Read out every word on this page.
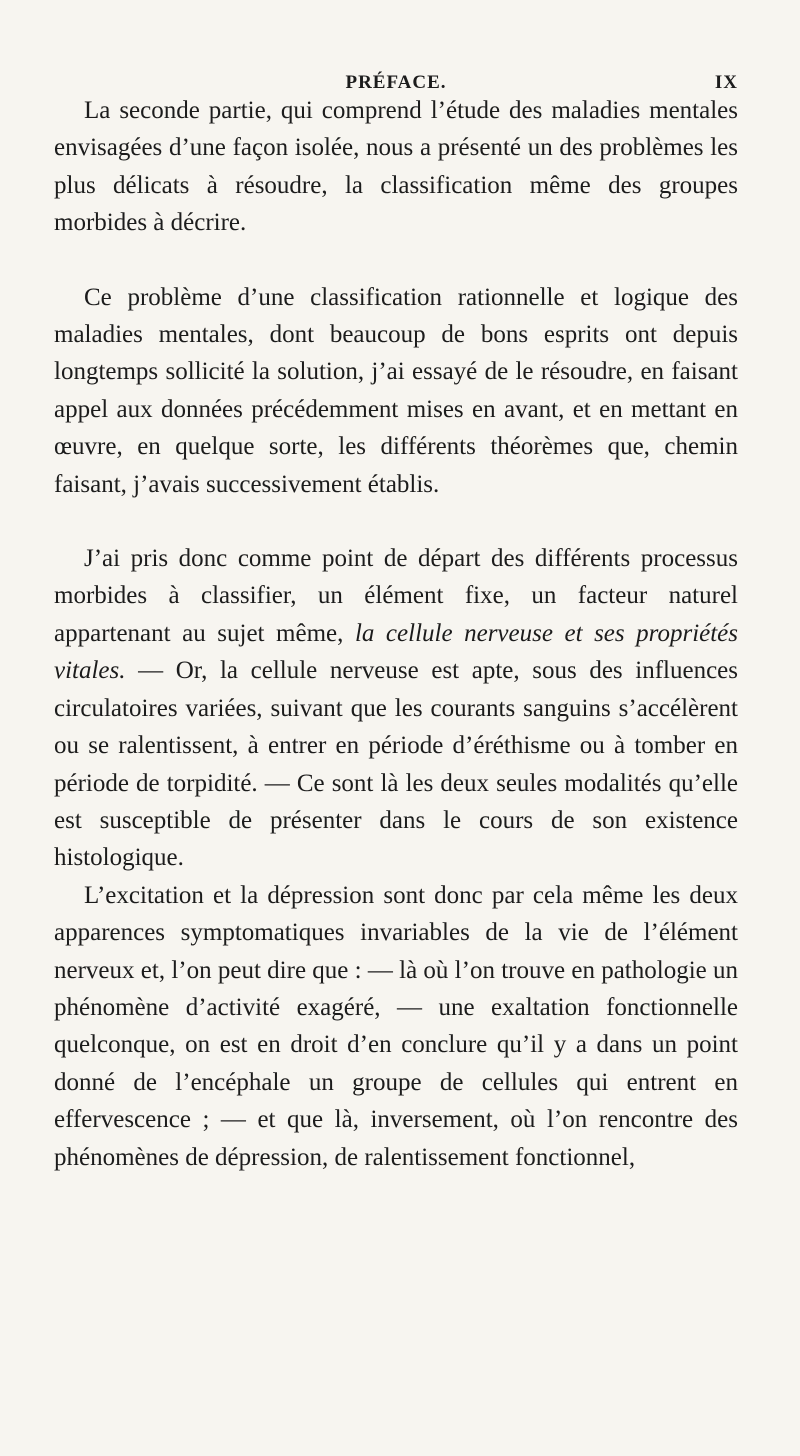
PRÉFACE.	IX

La seconde partie, qui comprend l’étude des maladies mentales envisagées d’une façon isolée, nous a présenté un des problèmes les plus délicats à résoudre, la classification même des groupes morbides à décrire.

Ce problème d’une classification rationnelle et logique des maladies mentales, dont beaucoup de bons esprits ont depuis longtemps sollicité la solution, j’ai essayé de le résoudre, en faisant appel aux données précédemment mises en avant, et en mettant en œuvre, en quelque sorte, les différents théorèmes que, chemin faisant, j’avais successivement établis.

J’ai pris donc comme point de départ des différents processus morbides à classifier, un élément fixe, un facteur naturel appartenant au sujet même, la cellule nerveuse et ses propriétés vitales. — Or, la cellule nerveuse est apte, sous des influences circulatoires variées, suivant que les courants sanguins s’accélèrent ou se ralentissent, à entrer en période d’éréthisme ou à tomber en période de torpidité. — Ce sont là les deux seules modalités qu’elle est susceptible de présenter dans le cours de son existence histologique.

L’excitation et la dépression sont donc par cela même les deux apparences symptomatiques invariables de la vie de l’élément nerveux et, l’on peut dire que : — là où l’on trouve en pathologie un phénomène d’activité exagéré, — une exaltation fonctionnelle quelconque, on est en droit d’en conclure qu’il y a dans un point donné de l’encéphale un groupe de cellules qui entrent en effervescence ; — et que là, inversement, où l’on rencontre des phénomènes de dépression, de ralentissement fonctionnel,
